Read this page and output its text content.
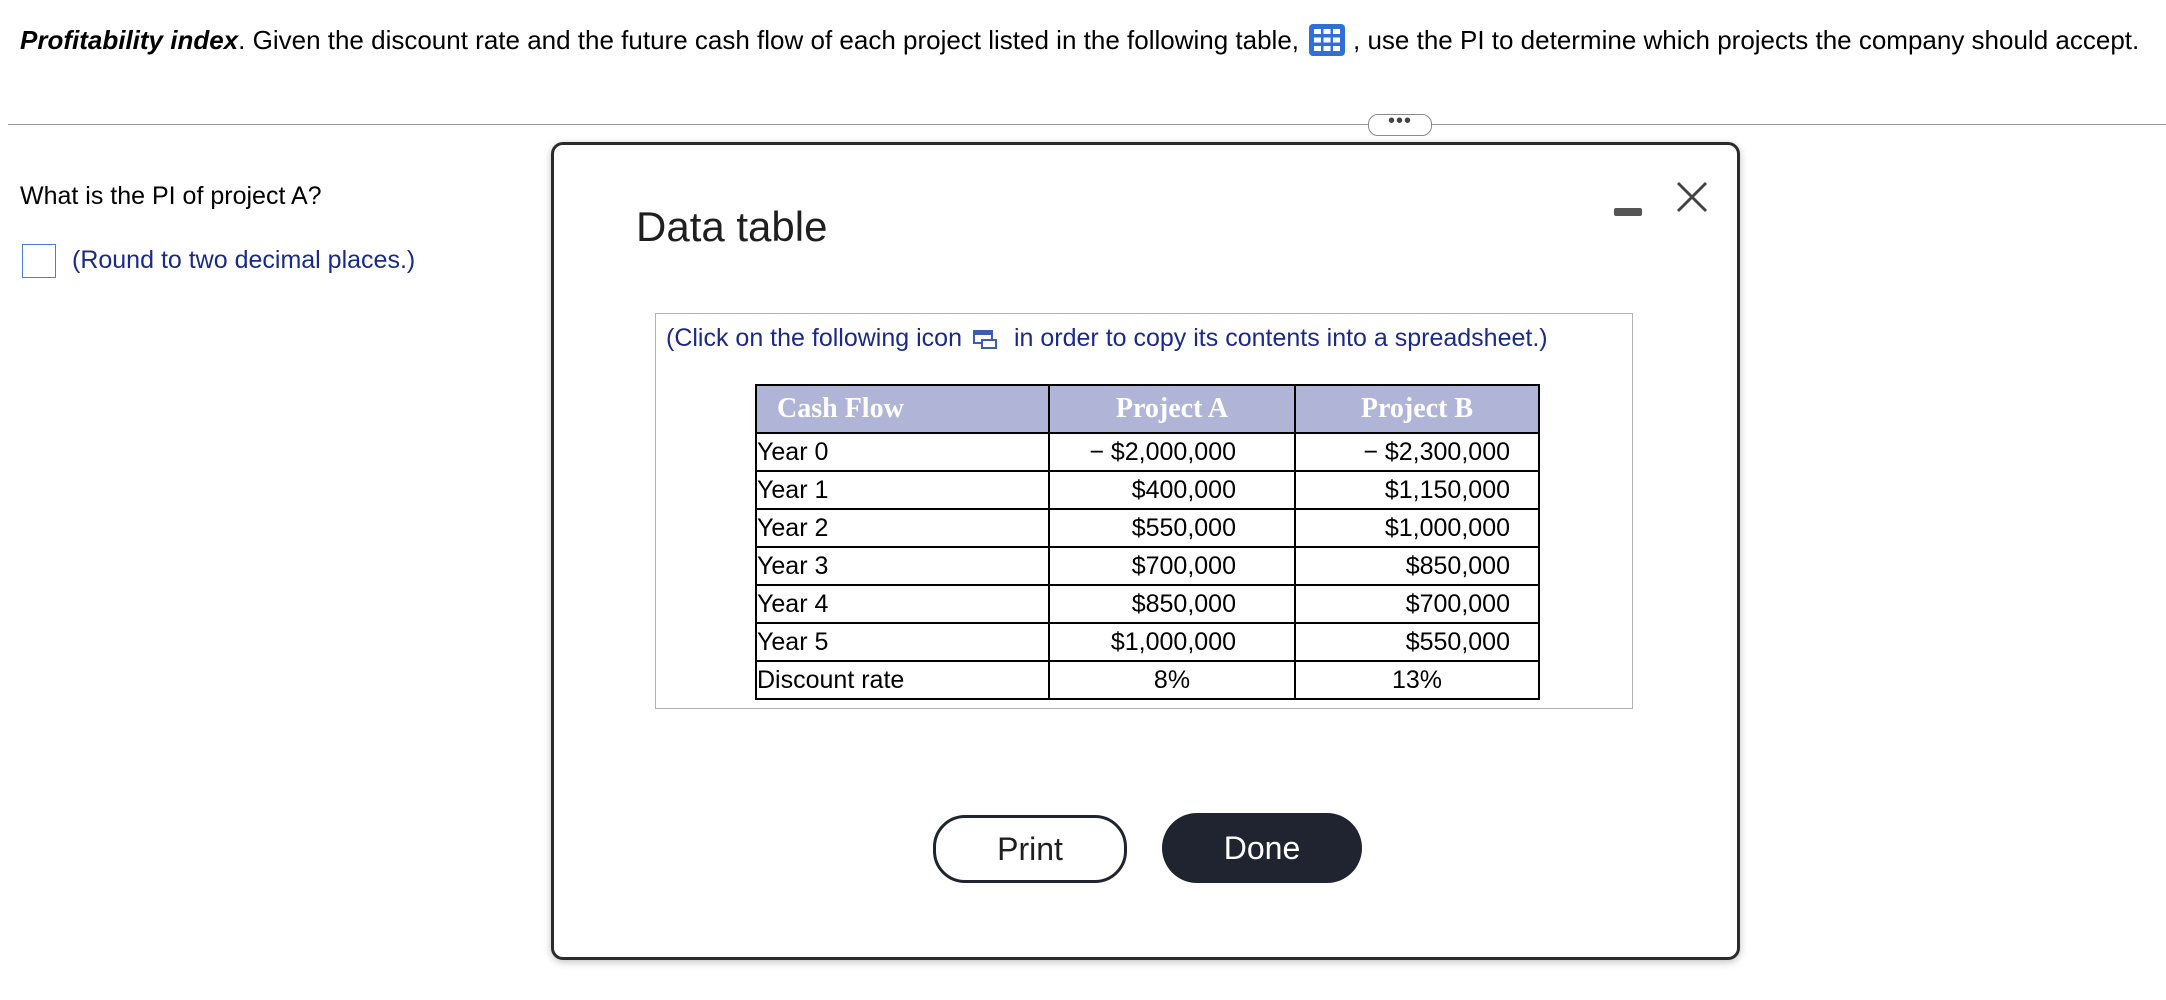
Profitability index . Given the discount rate and the future cash flow of each project listed in the following table, , use the PI to determine which projects the company should accept.
•••
What is the PI of project A?
(Round to two decimal places.)
Data table
(Click on the following icon in order to copy its contents into a spreadsheet.)
Cash Flow	Project A	Project B
Year 0	− $2,000,000	− $2,300,000
Year 1	$400,000	$1,150,000
Year 2	$550,000	$1,000,000
Year 3	$700,000	$850,000
Year 4	$850,000	$700,000
Year 5	$1,000,000	$550,000
Discount rate	8%	13%
Print	Done
